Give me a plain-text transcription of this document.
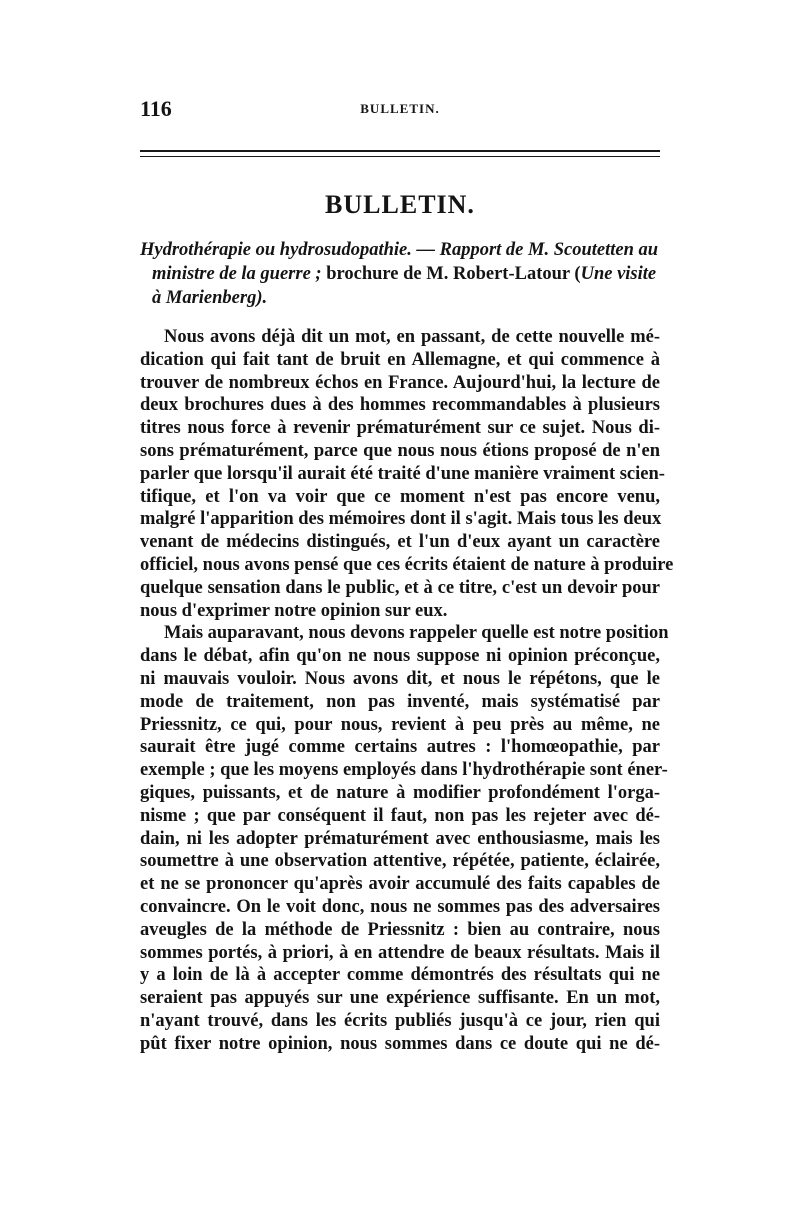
116	BULLETIN.
BULLETIN.
Hydrothérapie ou hydrosudopathie. — Rapport de M. Scoutetten au
ministre de la guerre ; brochure de M. Robert-Latour (Une visite
à Marienberg).
Nous avons déjà dit un mot, en passant, de cette nouvelle mé-
dication qui fait tant de bruit en Allemagne, et qui commence à
trouver de nombreux échos en France. Aujourd'hui, la lecture de
deux brochures dues à des hommes recommandables à plusieurs
titres nous force à revenir prématurément sur ce sujet. Nous di-
sons prématurément, parce que nous nous étions proposé de n'en
parler que lorsqu'il aurait été traité d'une manière vraiment scien-
tifique, et l'on va voir que ce moment n'est pas encore venu,
malgré l'apparition des mémoires dont il s'agit. Mais tous les deux
venant de médecins distingués, et l'un d'eux ayant un caractère
officiel, nous avons pensé que ces écrits étaient de nature à produire
quelque sensation dans le public, et à ce titre, c'est un devoir pour
nous d'exprimer notre opinion sur eux.
Mais auparavant, nous devons rappeler quelle est notre position
dans le débat, afin qu'on ne nous suppose ni opinion préconçue,
ni mauvais vouloir. Nous avons dit, et nous le répétons, que le
mode de traitement, non pas inventé, mais systématisé par
Priessnitz, ce qui, pour nous, revient à peu près au même, ne
saurait être jugé comme certains autres : l'homœopathie, par
exemple ; que les moyens employés dans l'hydrothérapie sont éner-
giques, puissants, et de nature à modifier profondément l'orga-
nisme ; que par conséquent il faut, non pas les rejeter avec dé-
dain, ni les adopter prématurément avec enthousiasme, mais les
soumettre à une observation attentive, répétée, patiente, éclairée,
et ne se prononcer qu'après avoir accumulé des faits capables de
convaincre. On le voit donc, nous ne sommes pas des adversaires
aveugles de la méthode de Priessnitz : bien au contraire, nous
sommes portés, à priori, à en attendre de beaux résultats. Mais il
y a loin de là à accepter comme démontrés des résultats qui ne
seraient pas appuyés sur une expérience suffisante. En un mot,
n'ayant trouvé, dans les écrits publiés jusqu'à ce jour, rien qui
pût fixer notre opinion, nous sommes dans ce doute qui ne dé-
